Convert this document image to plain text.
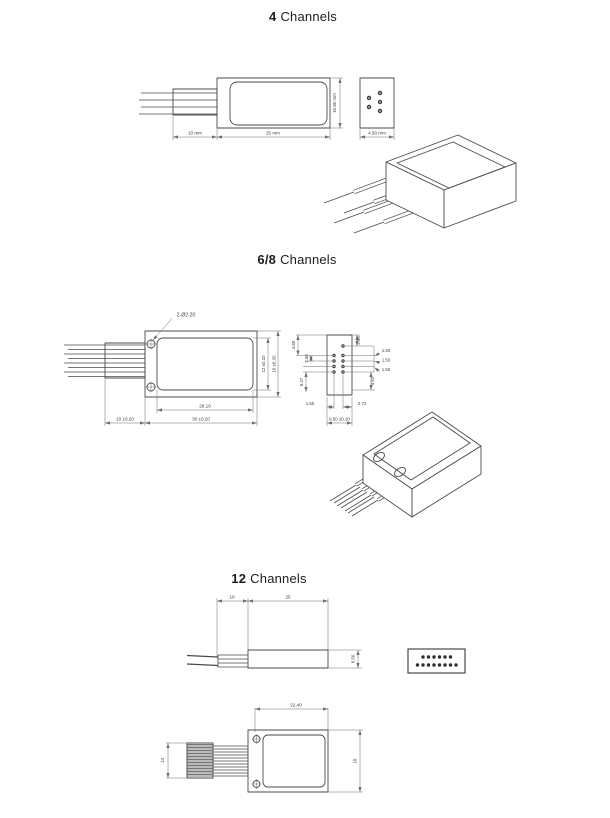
4 Channels
6/8 Channels
12 Channels
10 mm	25 mm
10.80 mm
4.50 mm
2-Ø2.20
28.10
30 ±0.20
10 ±0.20
12 ±0.10 16 ±0.20
4.60
1.60
5.37
2.98
4.82
1.50
1.50
1.50
1.65	2.72
6.50 ±0.10
10	25
6.50
22.40
14	18
